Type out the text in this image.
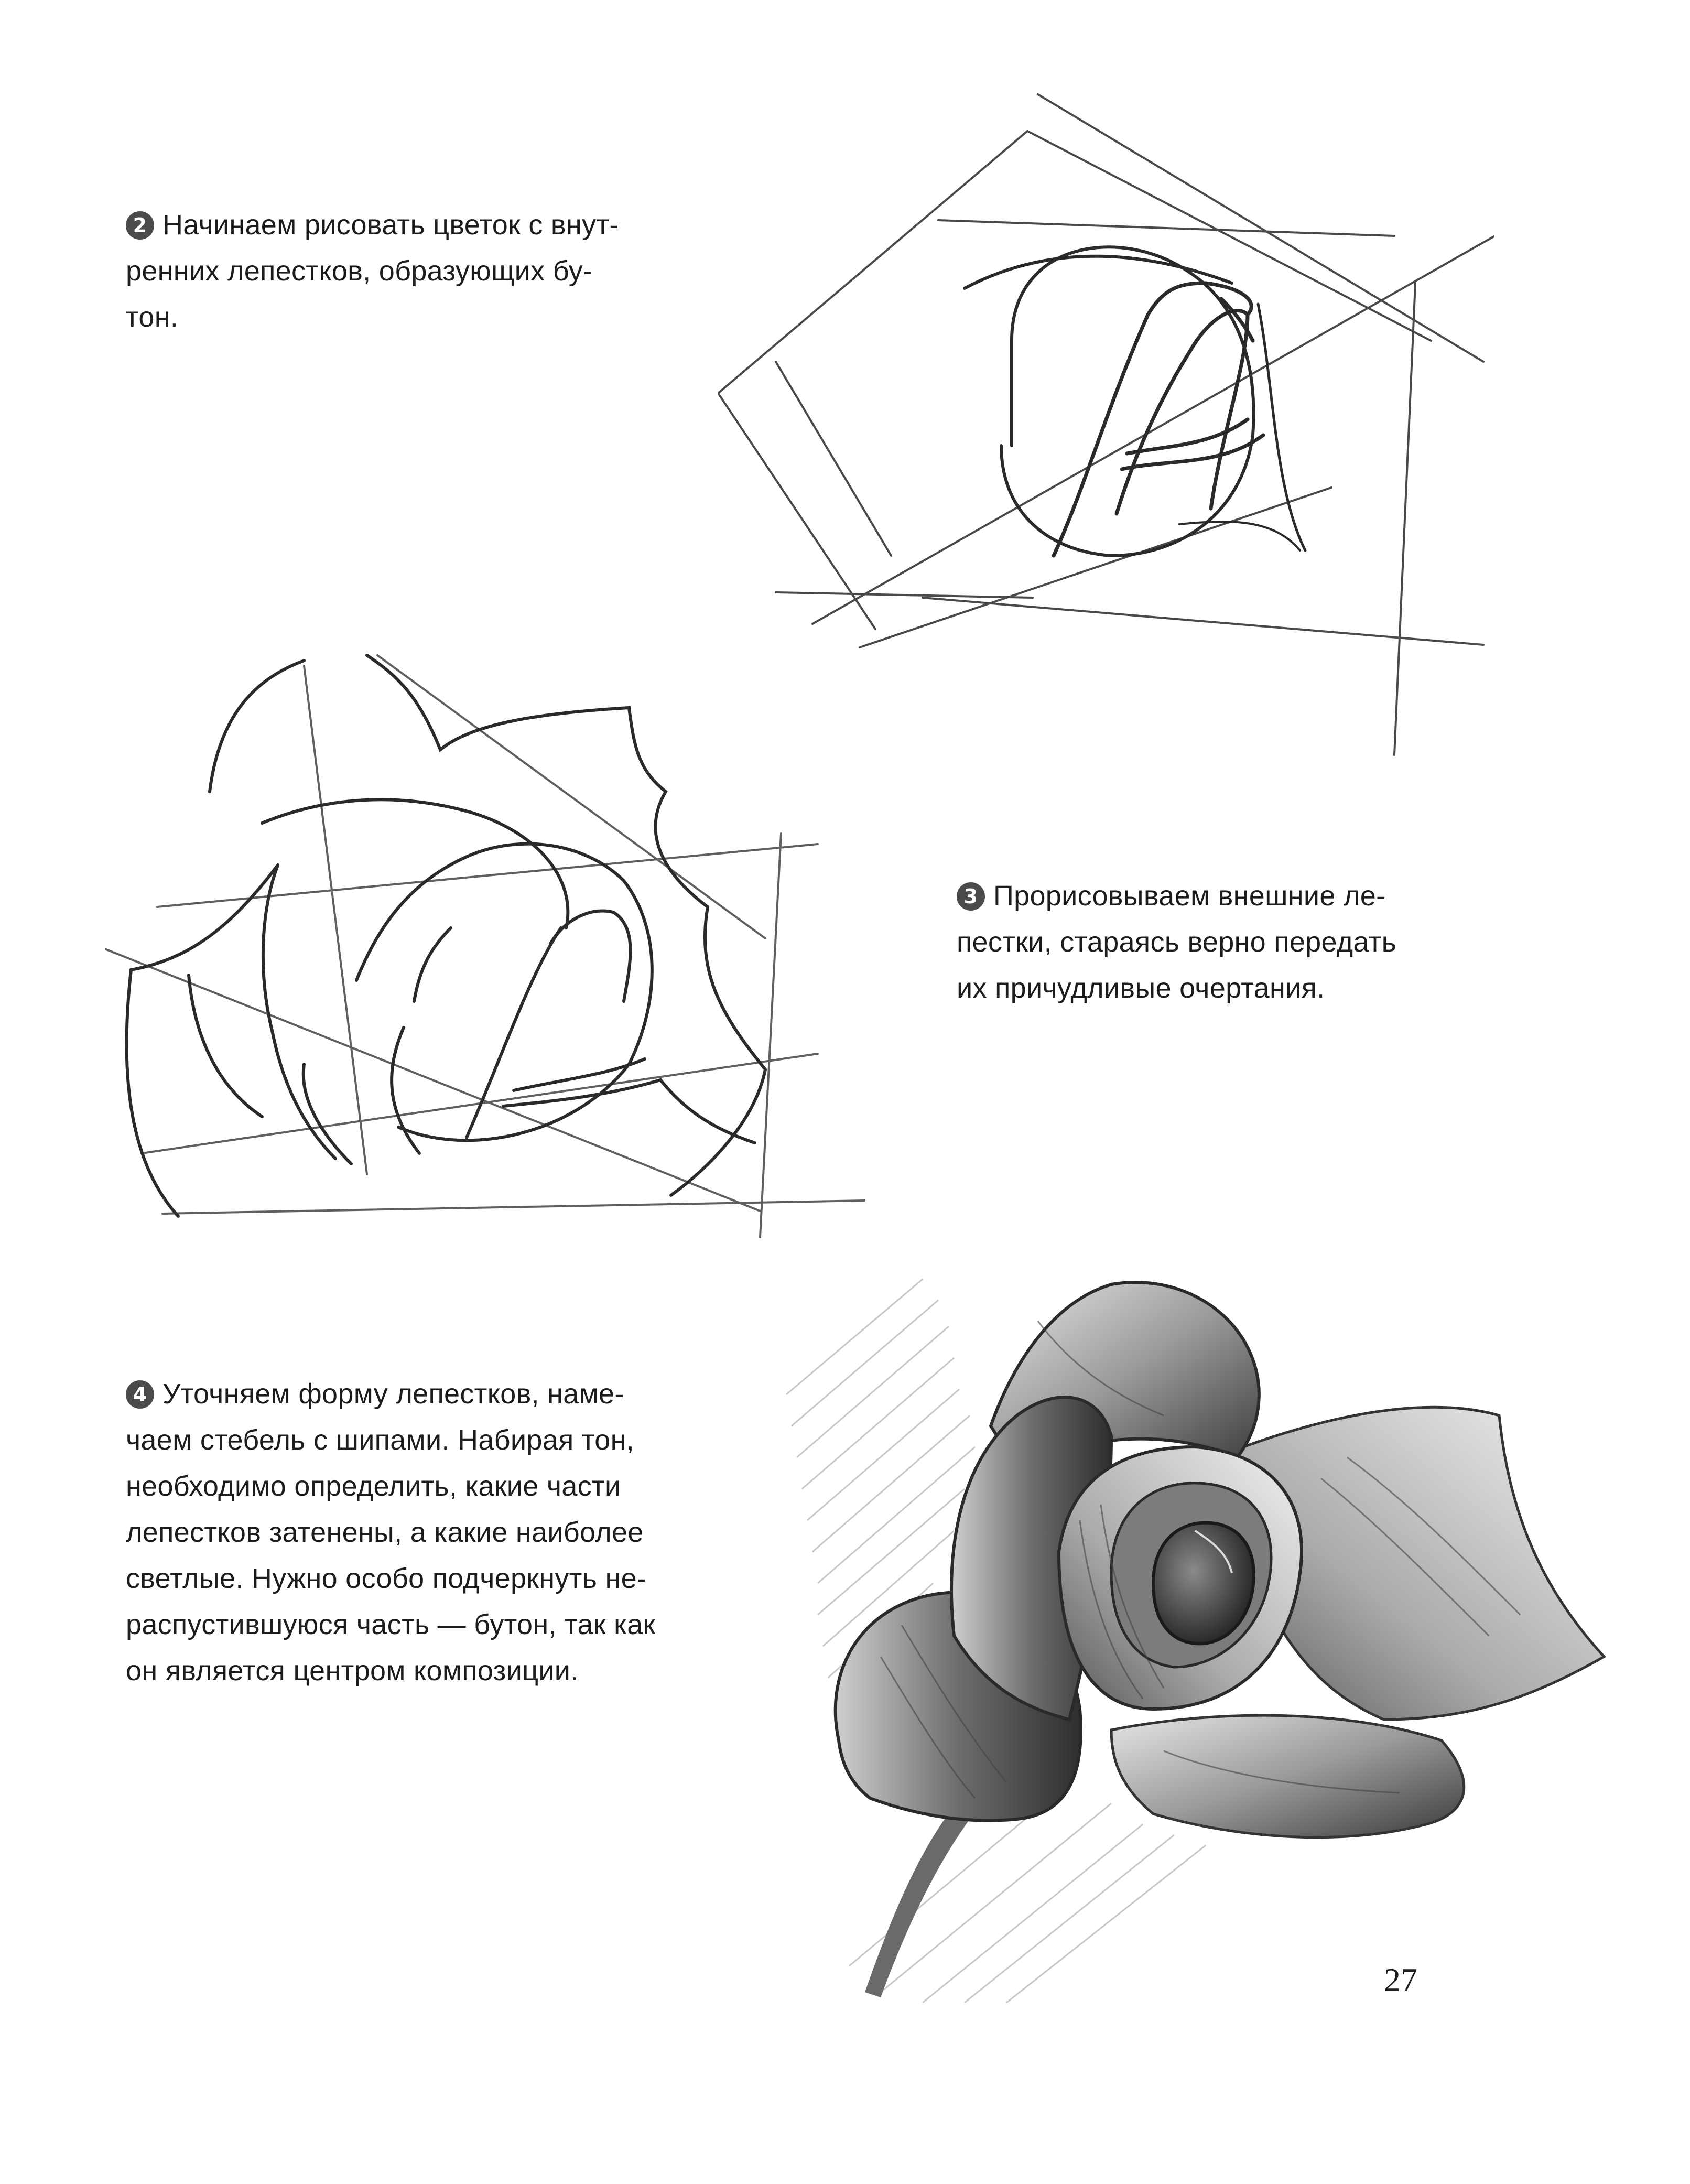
2 Начинаем рисовать цветок с внут-
ренних лепестков, образующих бу-
тон.
3 Прорисовываем внешние ле-
пестки, стараясь верно передать
их причудливые очертания.
4 Уточняем форму лепестков, наме-
чаем стебель с шипами. Набирая тон,
необходимо определить, какие части
лепестков затенены, а какие наиболее
светлые. Нужно особо подчеркнуть не-
распустившуюся часть — бутон, так как
он является центром композиции.
27
